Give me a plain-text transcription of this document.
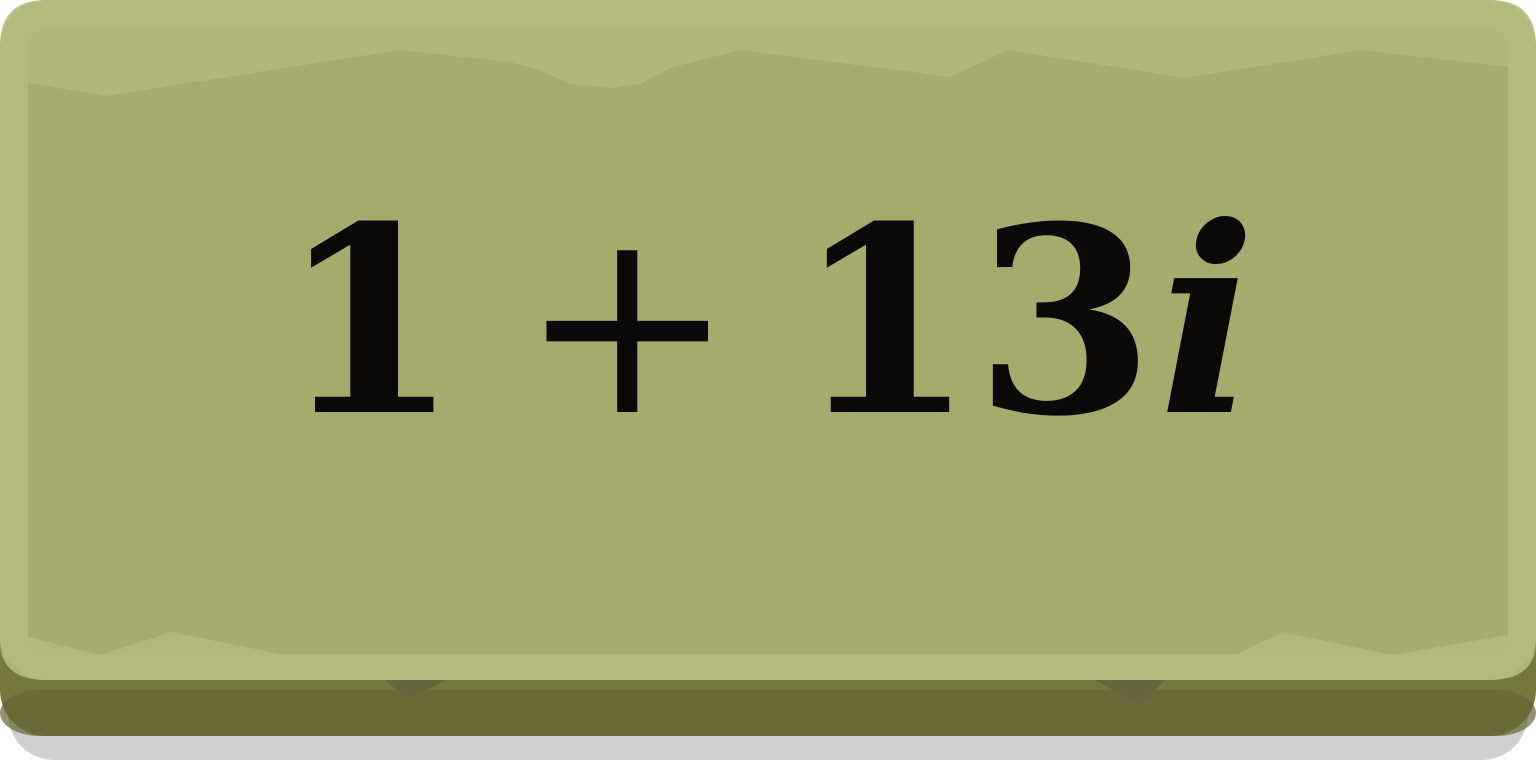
1 + 13 i
